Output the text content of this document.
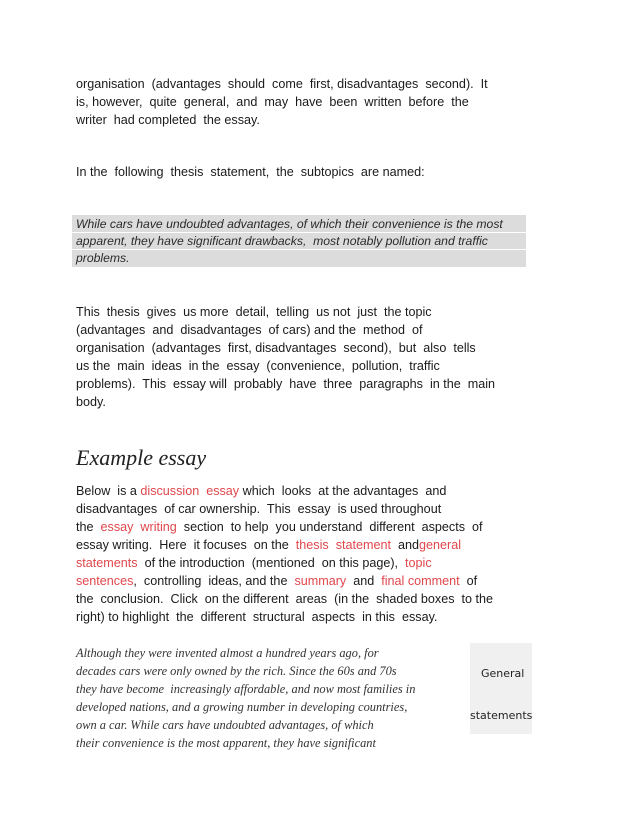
organisation  (advantages  should  come  first, disadvantages  second).  It
is, however,  quite  general,  and  may  have  been  written  before  the
writer  had completed  the essay.
In the  following  thesis  statement,  the  subtopics  are named:
While cars have undoubted advantages, of which their convenience is the most
apparent, they have significant drawbacks,  most notably pollution and traffic
problems.
This  thesis  gives  us more  detail,  telling  us not  just  the topic
(advantages  and  disadvantages  of cars) and the  method  of
organisation  (advantages  first, disadvantages  second),  but  also  tells
us the  main  ideas  in the  essay  (convenience,  pollution,  traffic
problems).  This  essay will  probably  have  three  paragraphs  in the  main
body.
Example essay
Below  is a discussion  essay which  looks  at the advantages  and
disadvantages  of car ownership.  This  essay  is used throughout
the  essay  writing  section  to help  you understand  different  aspects  of
essay writing.  Here  it focuses  on the  thesis  statement  andgeneral
statements  of the introduction  (mentioned  on this page),  topic
sentences,  controlling  ideas, and the  summary  and  final comment  of
the  conclusion.  Click  on the different  areas  (in the  shaded boxes  to the
right) to highlight  the  different  structural  aspects  in this  essay.
Although they were invented almost a hundred years ago, for
decades cars were only owned by the rich. Since the 60s and 70s
they have become  increasingly affordable, and now most families in
developed nations, and a growing number in developing countries,
own a car. While cars have undoubted advantages, of which
their convenience is the most apparent, they have significant
General
statements
